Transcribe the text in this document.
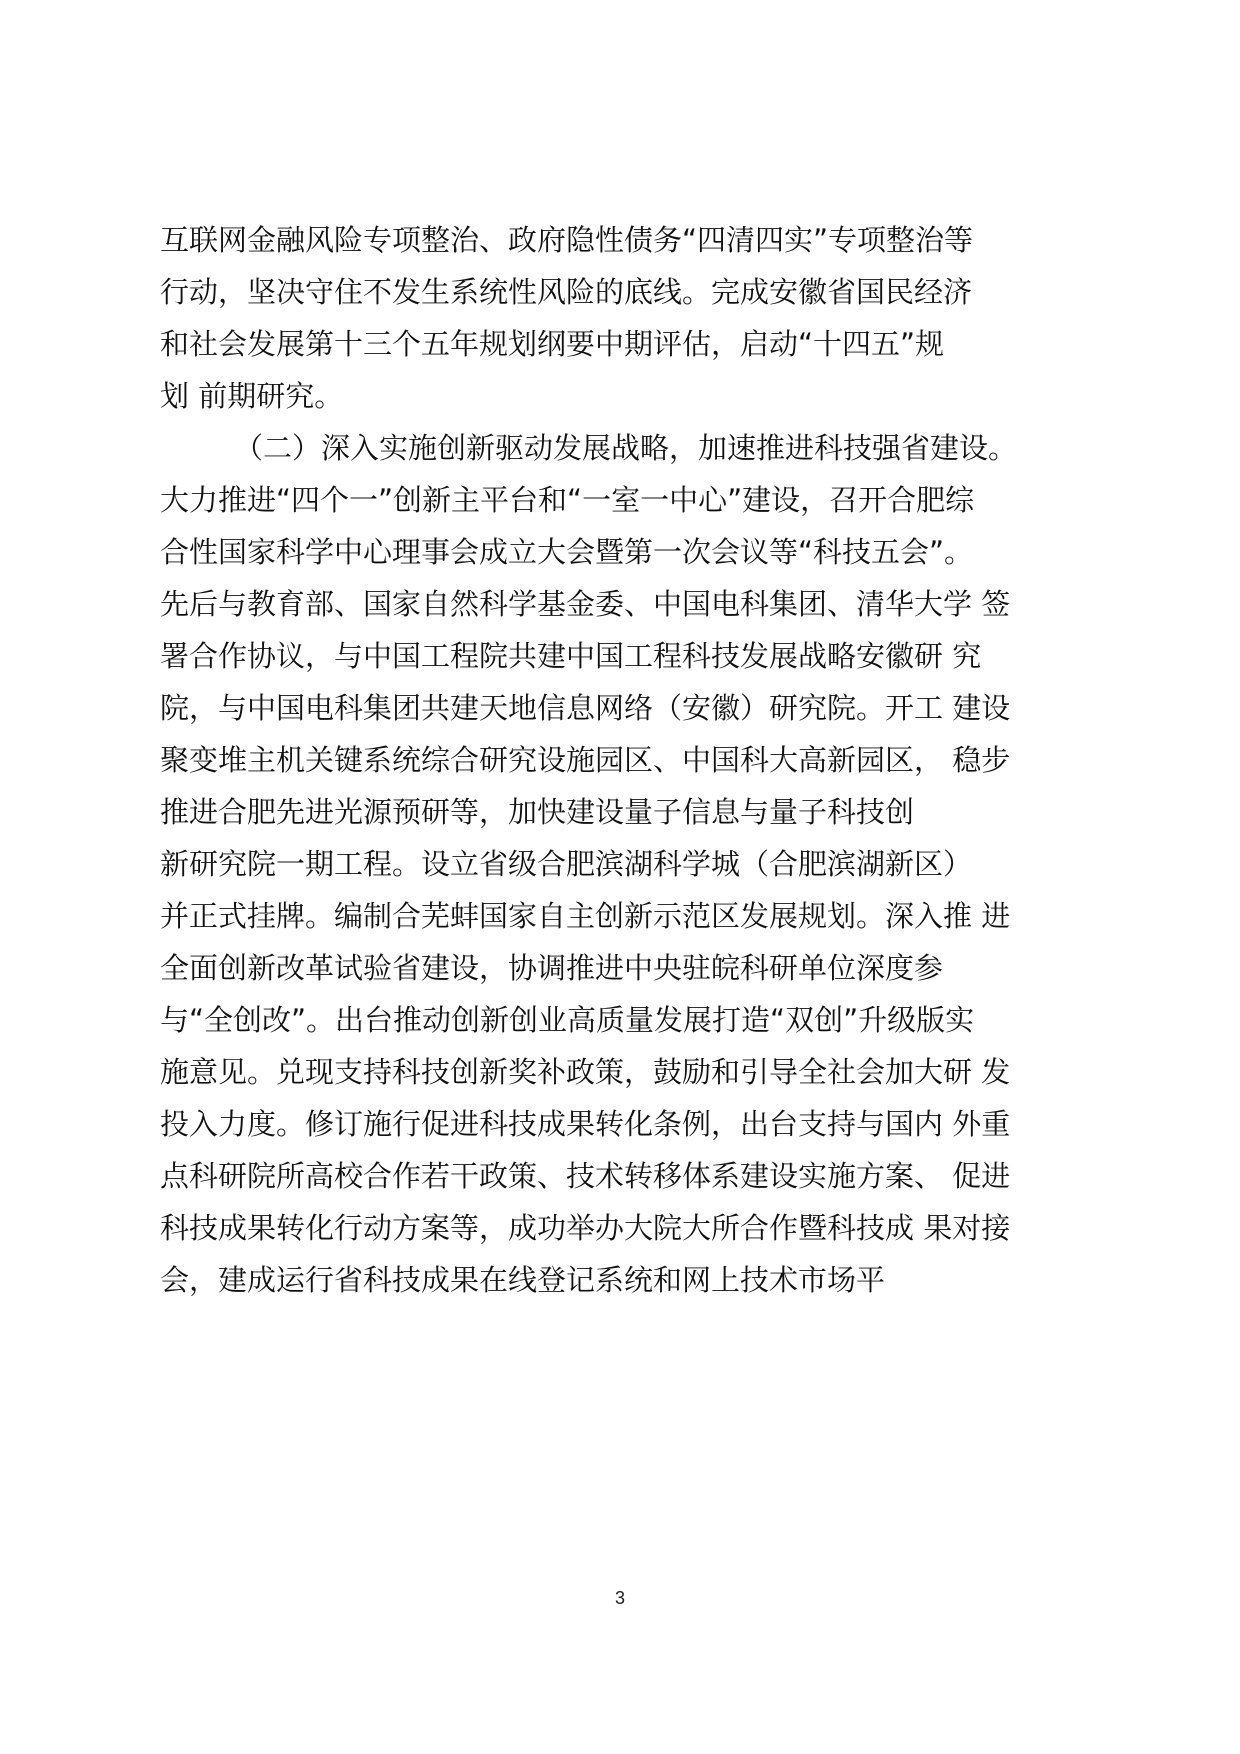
互联网金融风险专项整治、政府隐性债务“四清四实”专项整治等
行动，坚决守住不发生系统性风险的底线。完成安徽省国民经济
和社会发展第十三个五年规划纲要中期评估，启动“十四五”规
划 前期研究。
（二）深入实施创新驱动发展战略，加速推进科技强省建设。
大力推进“四个一”创新主平台和“一室一中心”建设，召开合肥综
合性国家科学中心理事会成立大会暨第一次会议等“科技五会”。
先后与教育部、国家自然科学基金委、中国电科集团、清华大学 签
署合作协议，与中国工程院共建中国工程科技发展战略安徽研 究
院，与中国电科集团共建天地信息网络（安徽）研究院。开工 建设
聚变堆主机关键系统综合研究设施园区、中国科大高新园区， 稳步
推进合肥先进光源预研等，加快建设量子信息与量子科技创
新研究院一期工程。设立省级合肥滨湖科学城（合肥滨湖新区）
并正式挂牌。编制合芜蚌国家自主创新示范区发展规划。深入推 进
全面创新改革试验省建设，协调推进中央驻皖科研单位深度参
与“全创改”。出台推动创新创业高质量发展打造“双创”升级版实
施意见。兑现支持科技创新奖补政策，鼓励和引导全社会加大研 发
投入力度。修订施行促进科技成果转化条例，出台支持与国内 外重
点科研院所高校合作若干政策、技术转移体系建设实施方案、 促进
科技成果转化行动方案等，成功举办大院大所合作暨科技成 果对接
会，建成运行省科技成果在线登记系统和网上技术市场平
3
